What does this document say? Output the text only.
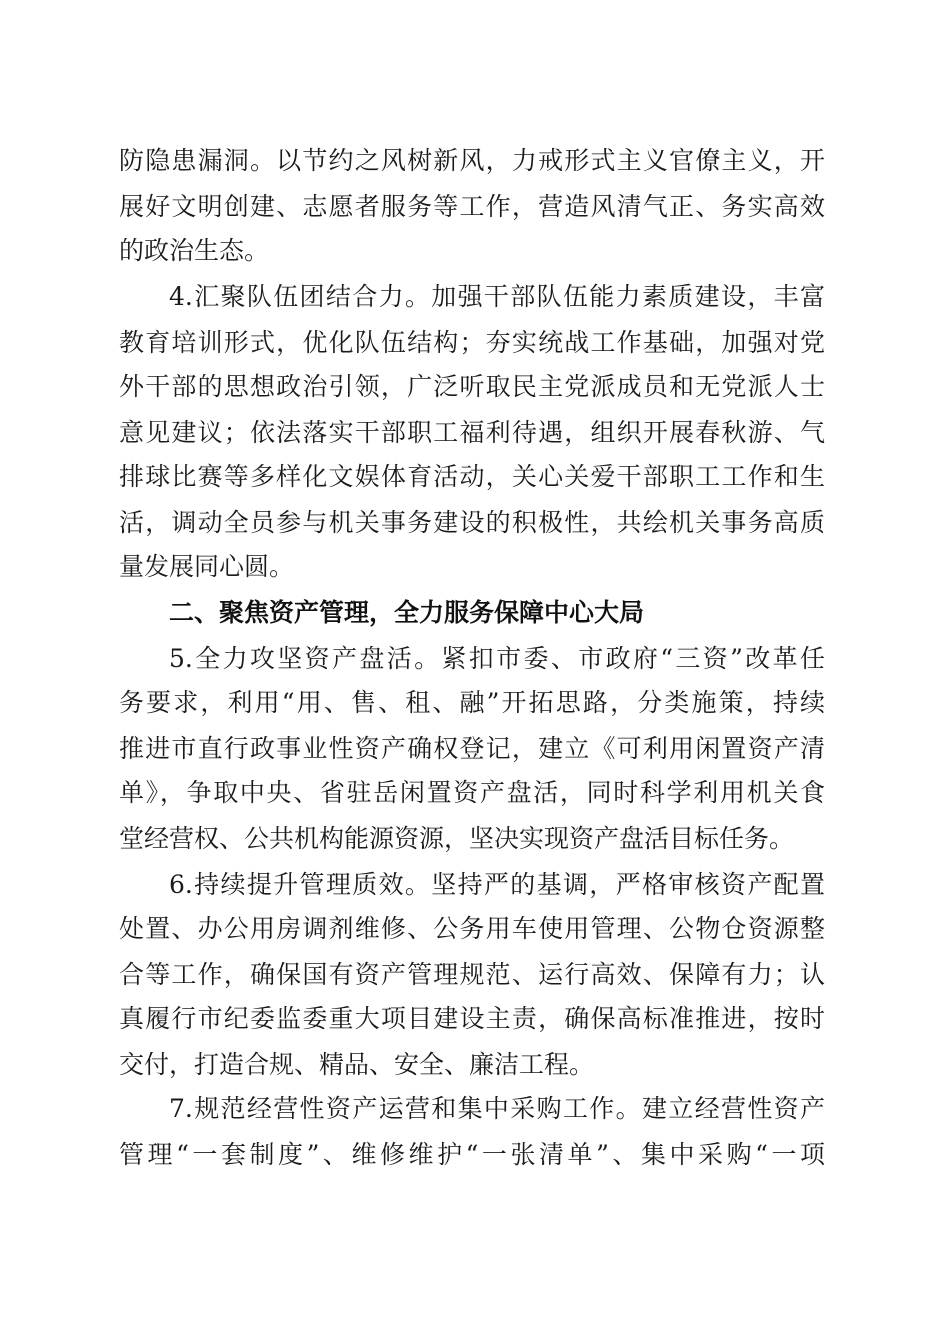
防隐患漏洞。以节约之风树新风，力戒形式主义官僚主义，开
展好文明创建、志愿者服务等工作，营造风清气正、务实高效
的政治生态。
4.汇聚队伍团结合力。加强干部队伍能力素质建设，丰富
教育培训形式，优化队伍结构；夯实统战工作基础，加强对党
外干部的思想政治引领，广泛听取民主党派成员和无党派人士
意见建议；依法落实干部职工福利待遇，组织开展春秋游、气
排球比赛等多样化文娱体育活动，关心关爱干部职工工作和生
活，调动全员参与机关事务建设的积极性，共绘机关事务高质
量发展同心圆。
二、聚焦资产管理，全力服务保障中心大局
5.全力攻坚资产盘活。紧扣市委、市政府“三资”改革任
务要求，利用“用、售、租、融”开拓思路，分类施策，持续
推进市直行政事业性资产确权登记，建立《可利用闲置资产清
单》，争取中央、省驻岳闲置资产盘活，同时科学利用机关食
堂经营权、公共机构能源资源，坚决实现资产盘活目标任务。
6.持续提升管理质效。坚持严的基调，严格审核资产配置
处置、办公用房调剂维修、公务用车使用管理、公物仓资源整
合等工作，确保国有资产管理规范、运行高效、保障有力；认
真履行市纪委监委重大项目建设主责，确保高标准推进，按时
交付，打造合规、精品、安全、廉洁工程。
7.规范经营性资产运营和集中采购工作。建立经营性资产
管理“一套制度”、维修维护“一张清单”、集中采购“一项
